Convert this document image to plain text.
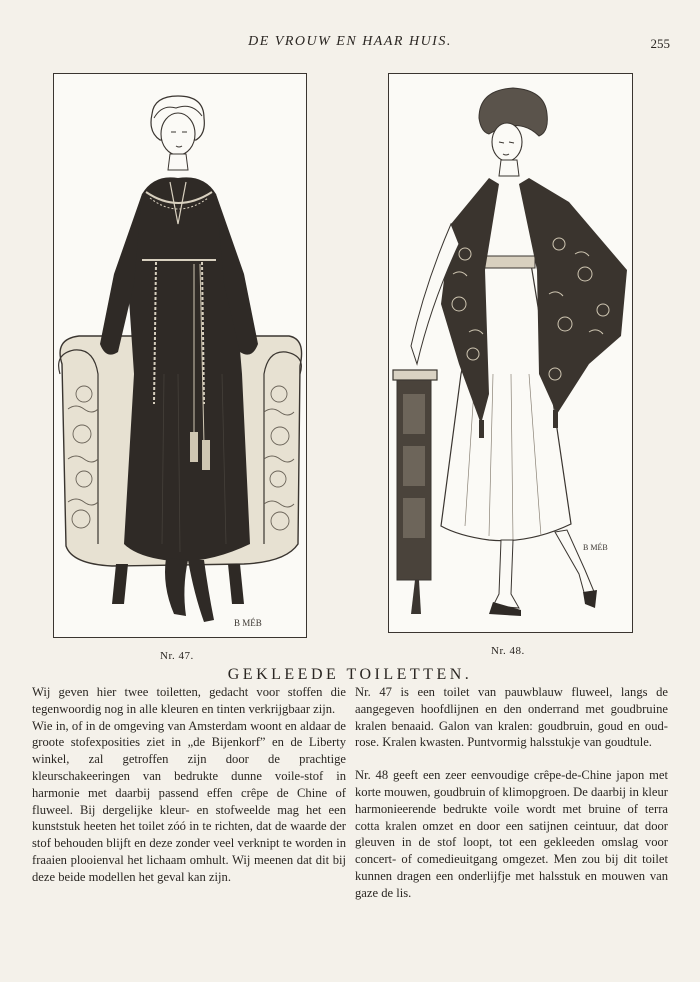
DE VROUW EN HAAR HUIS.	255
B MÉB
B MÉB
Nr. 47.	Nr. 48.
GEKLEEDE TOILETTEN.

Wij geven hier twee toiletten, gedacht voor stoffen die tegenwoordig nog in alle kleuren en tinten verkrijgbaar zijn.

Wie in, of in de omgeving van Amsterdam woont en aldaar de groote stofexposities ziet in „de Bijenkorf” en de Liberty winkel, zal getroffen zijn door de prachtige kleurschakeeringen van bedrukte dunne voile-stof in harmonie met daarbij passend effen crêpe de Chine of fluweel. Bij dergelijke kleur- en stofweelde mag het een kunststuk heeten het toilet zóó in te richten, dat de waarde der stof behouden blijft en deze zonder veel verknipt te worden in fraaien plooienval het lichaam omhult. Wij meenen dat dit bij deze beide modellen het geval kan zijn.

Nr. 47 is een toilet van pauwblauw fluweel, langs de aangegeven hoofdlijnen en den onderrand met goudbruine kralen benaaid. Galon van kralen: goudbruin, goud en oud-rose. Kralen kwasten. Puntvormig halsstukje van goudtule.

Nr. 48 geeft een zeer eenvoudige crêpe-de-Chine japon met korte mouwen, goudbruin of klimopgroen. De daarbij in kleur harmonieerende bedrukte voile wordt met bruine of terra cotta kralen omzet en door een satijnen ceintuur, dat door gleuven in de stof loopt, tot een gekleeden omslag voor concert- of comedieuitgang omgezet. Men zou bij dit toilet kunnen dragen een onderlijfje met halsstuk en mouwen van gaze de lis.
